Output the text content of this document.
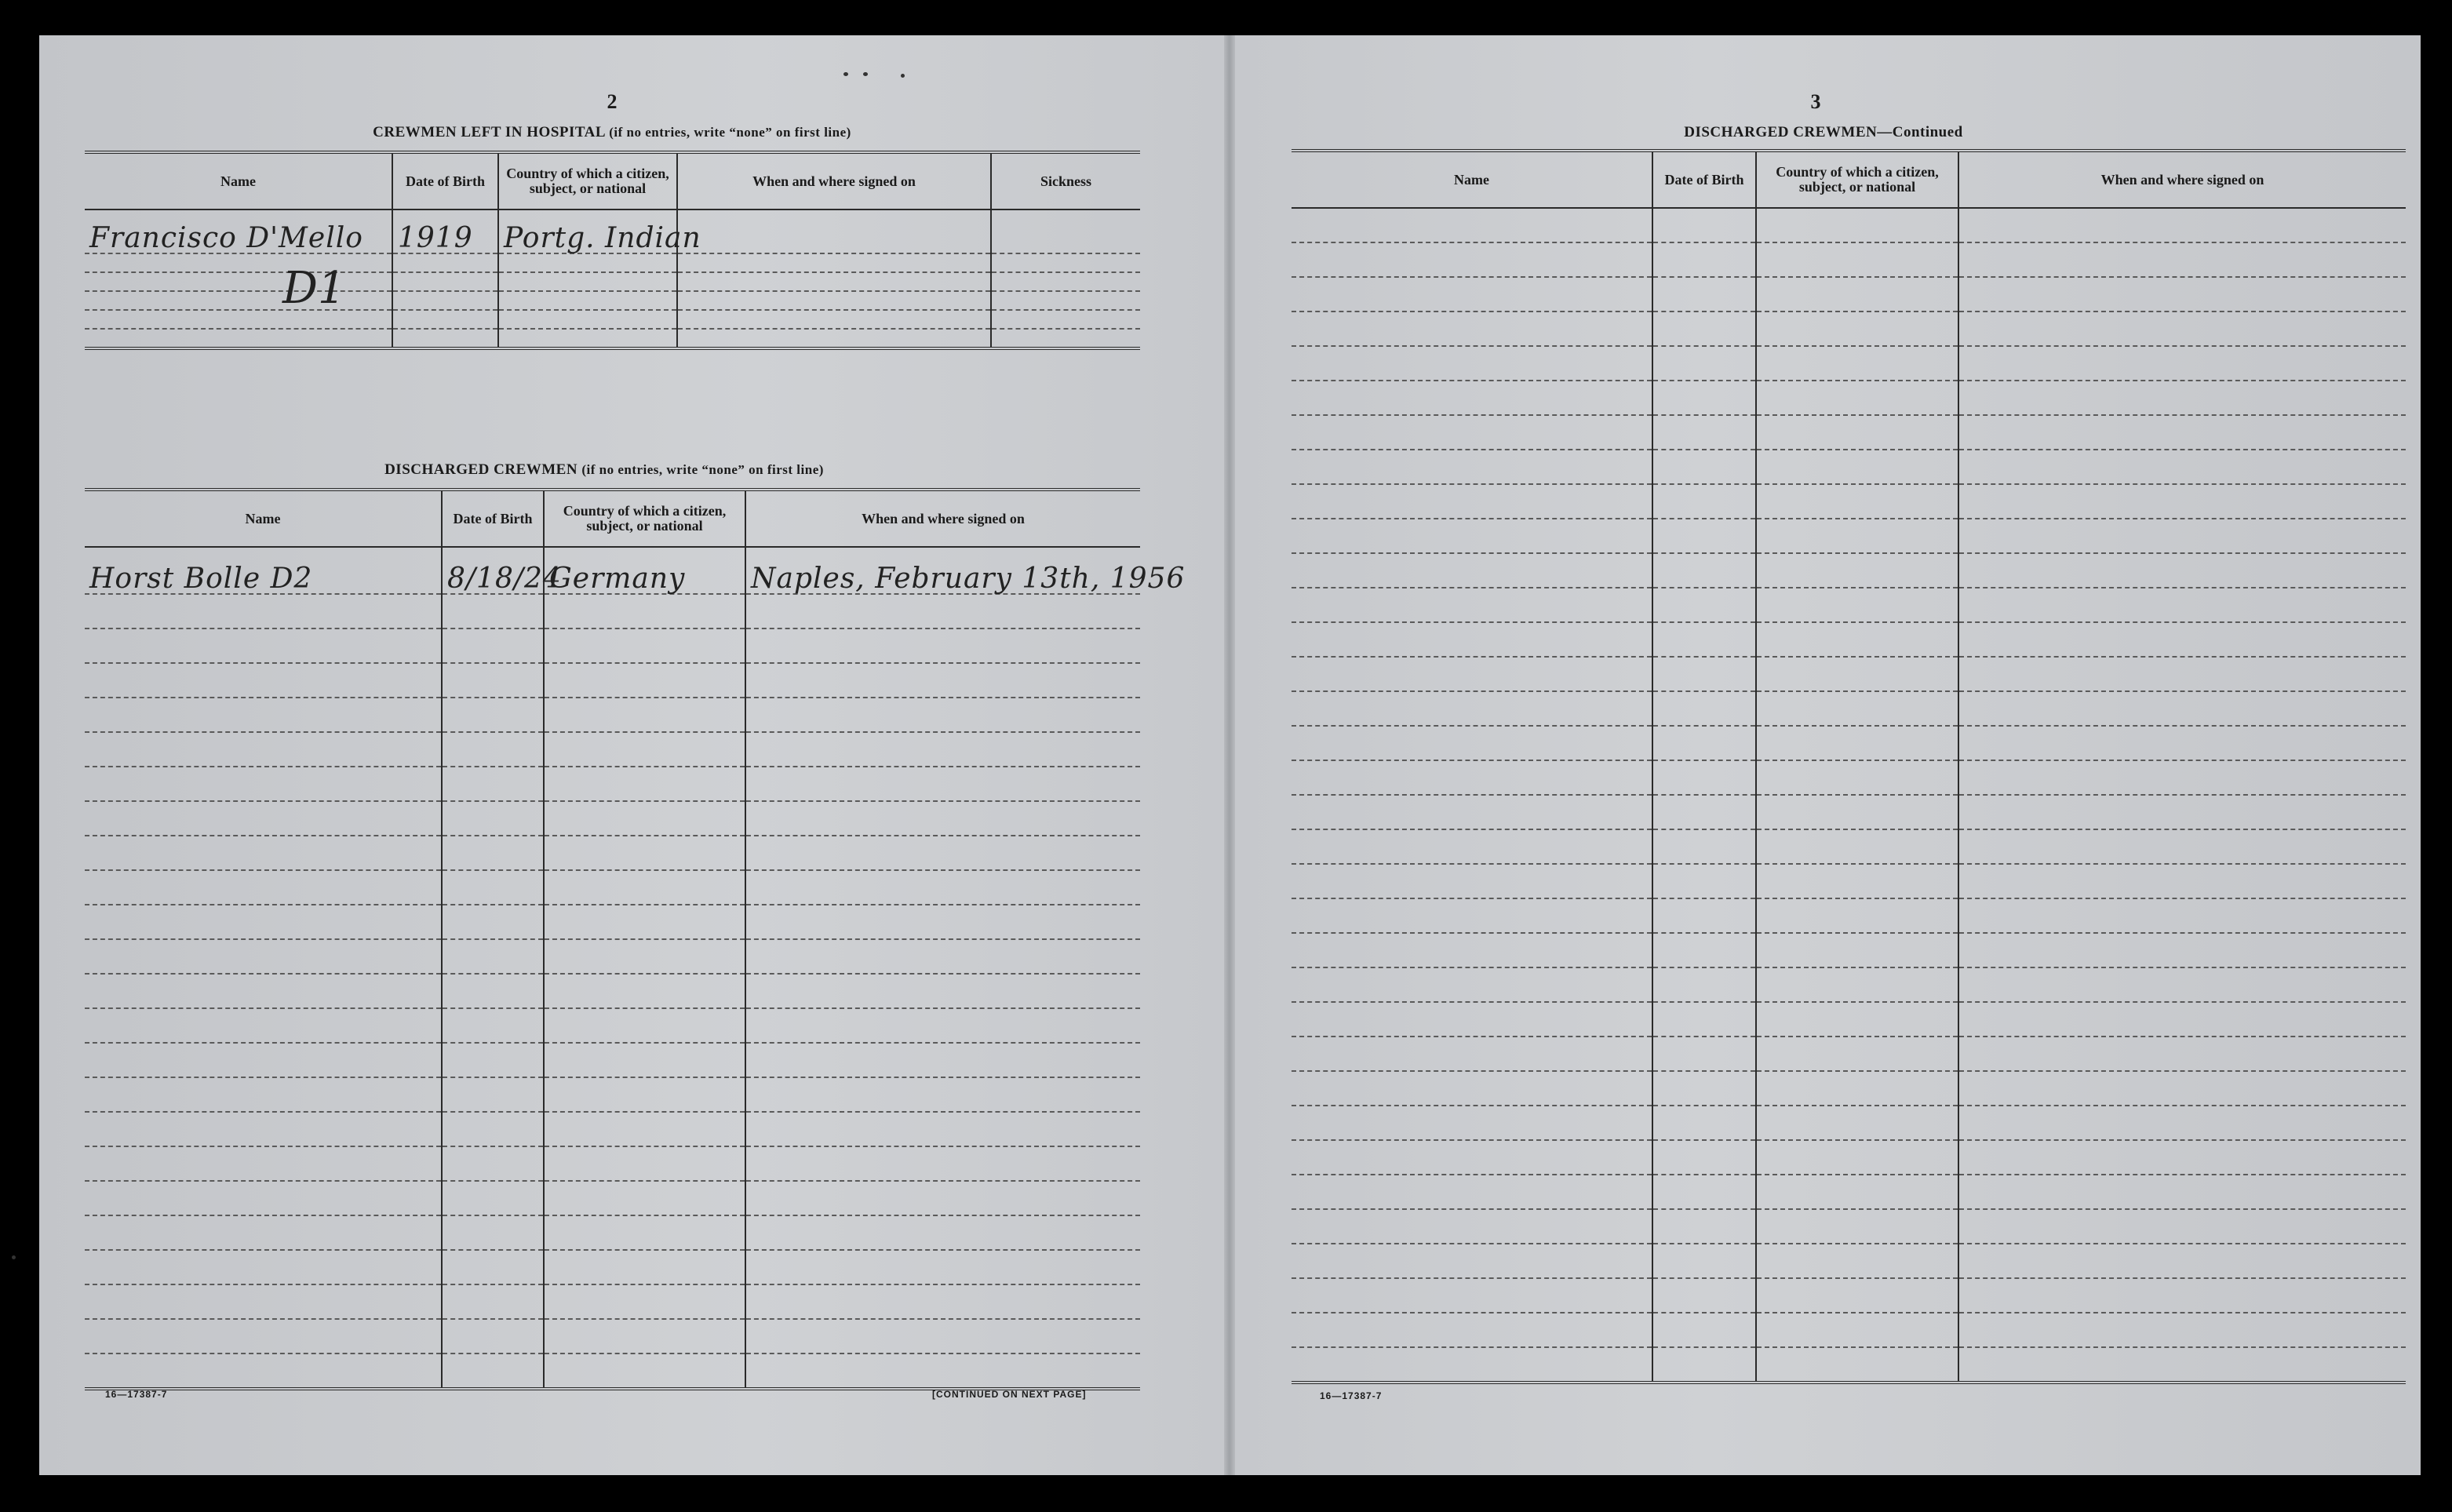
2
CREWMEN LEFT IN HOSPITAL (if no entries, write “none” on first line)
Name	Date of Birth	Country of which a citizen, subject, or national	When and where signed on	Sickness
Francisco D'Mello	1919	Portg. Indian		

D1
DISCHARGED CREWMEN (if no entries, write “none” on first line)
Name	Date of Birth	Country of which a citizen, subject, or national	When and where signed on
Horst Bolle D2	8/18/24	Germany	Naples, February 13th, 1956

16—17387-7	[CONTINUED ON NEXT PAGE]
3
DISCHARGED CREWMEN—Continued
Name	Date of Birth	Country of which a citizen, subject, or national	When and where signed on

16—17387-7
